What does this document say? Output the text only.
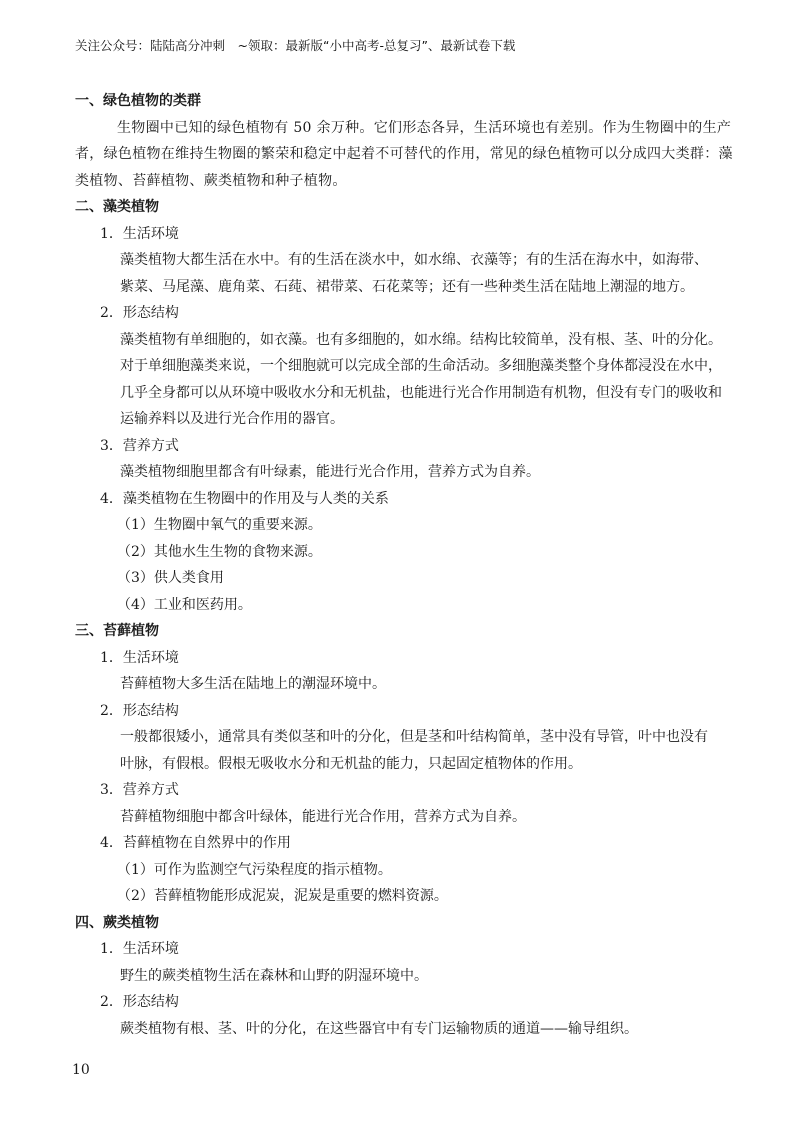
关注公众号：陆陆高分冲刺　~领取：最新版“小中高考-总复习”、最新试卷下载
一、绿色植物的类群
生物圈中已知的绿色植物有 50 余万种。它们形态各异，生活环境也有差别。作为生物圈中的生产者，绿色植物在维持生物圈的繁荣和稳定中起着不可替代的作用，常见的绿色植物可以分成四大类群：藻类植物、苔藓植物、蕨类植物和种子植物。
二、藻类植物
1．生活环境
藻类植物大都生活在水中。有的生活在淡水中，如水绵、衣藻等；有的生活在海水中，如海带、紫菜、马尾藻、鹿角菜、石莼、裙带菜、石花菜等；还有一些种类生活在陆地上潮湿的地方。
2．形态结构
藻类植物有单细胞的，如衣藻。也有多细胞的，如水绵。结构比较简单，没有根、茎、叶的分化。对于单细胞藻类来说，一个细胞就可以完成全部的生命活动。多细胞藻类整个身体都浸没在水中，几乎全身都可以从环境中吸收水分和无机盐，也能进行光合作用制造有机物，但没有专门的吸收和运输养料以及进行光合作用的器官。
3．营养方式
藻类植物细胞里都含有叶绿素，能进行光合作用，营养方式为自养。
4．藻类植物在生物圈中的作用及与人类的关系
（1）生物圈中氧气的重要来源。
（2）其他水生生物的食物来源。
（3）供人类食用
（4）工业和医药用。
三、苔藓植物
1．生活环境
苔藓植物大多生活在陆地上的潮湿环境中。
2．形态结构
一般都很矮小，通常具有类似茎和叶的分化，但是茎和叶结构简单，茎中没有导管，叶中也没有叶脉，有假根。假根无吸收水分和无机盐的能力，只起固定植物体的作用。
3．营养方式
苔藓植物细胞中都含叶绿体，能进行光合作用，营养方式为自养。
4．苔藓植物在自然界中的作用
（1）可作为监测空气污染程度的指示植物。
（2）苔藓植物能形成泥炭，泥炭是重要的燃料资源。
四、蕨类植物
1．生活环境
野生的蕨类植物生活在森林和山野的阴湿环境中。
2．形态结构
蕨类植物有根、茎、叶的分化，在这些器官中有专门运输物质的通道——输导组织。
10
